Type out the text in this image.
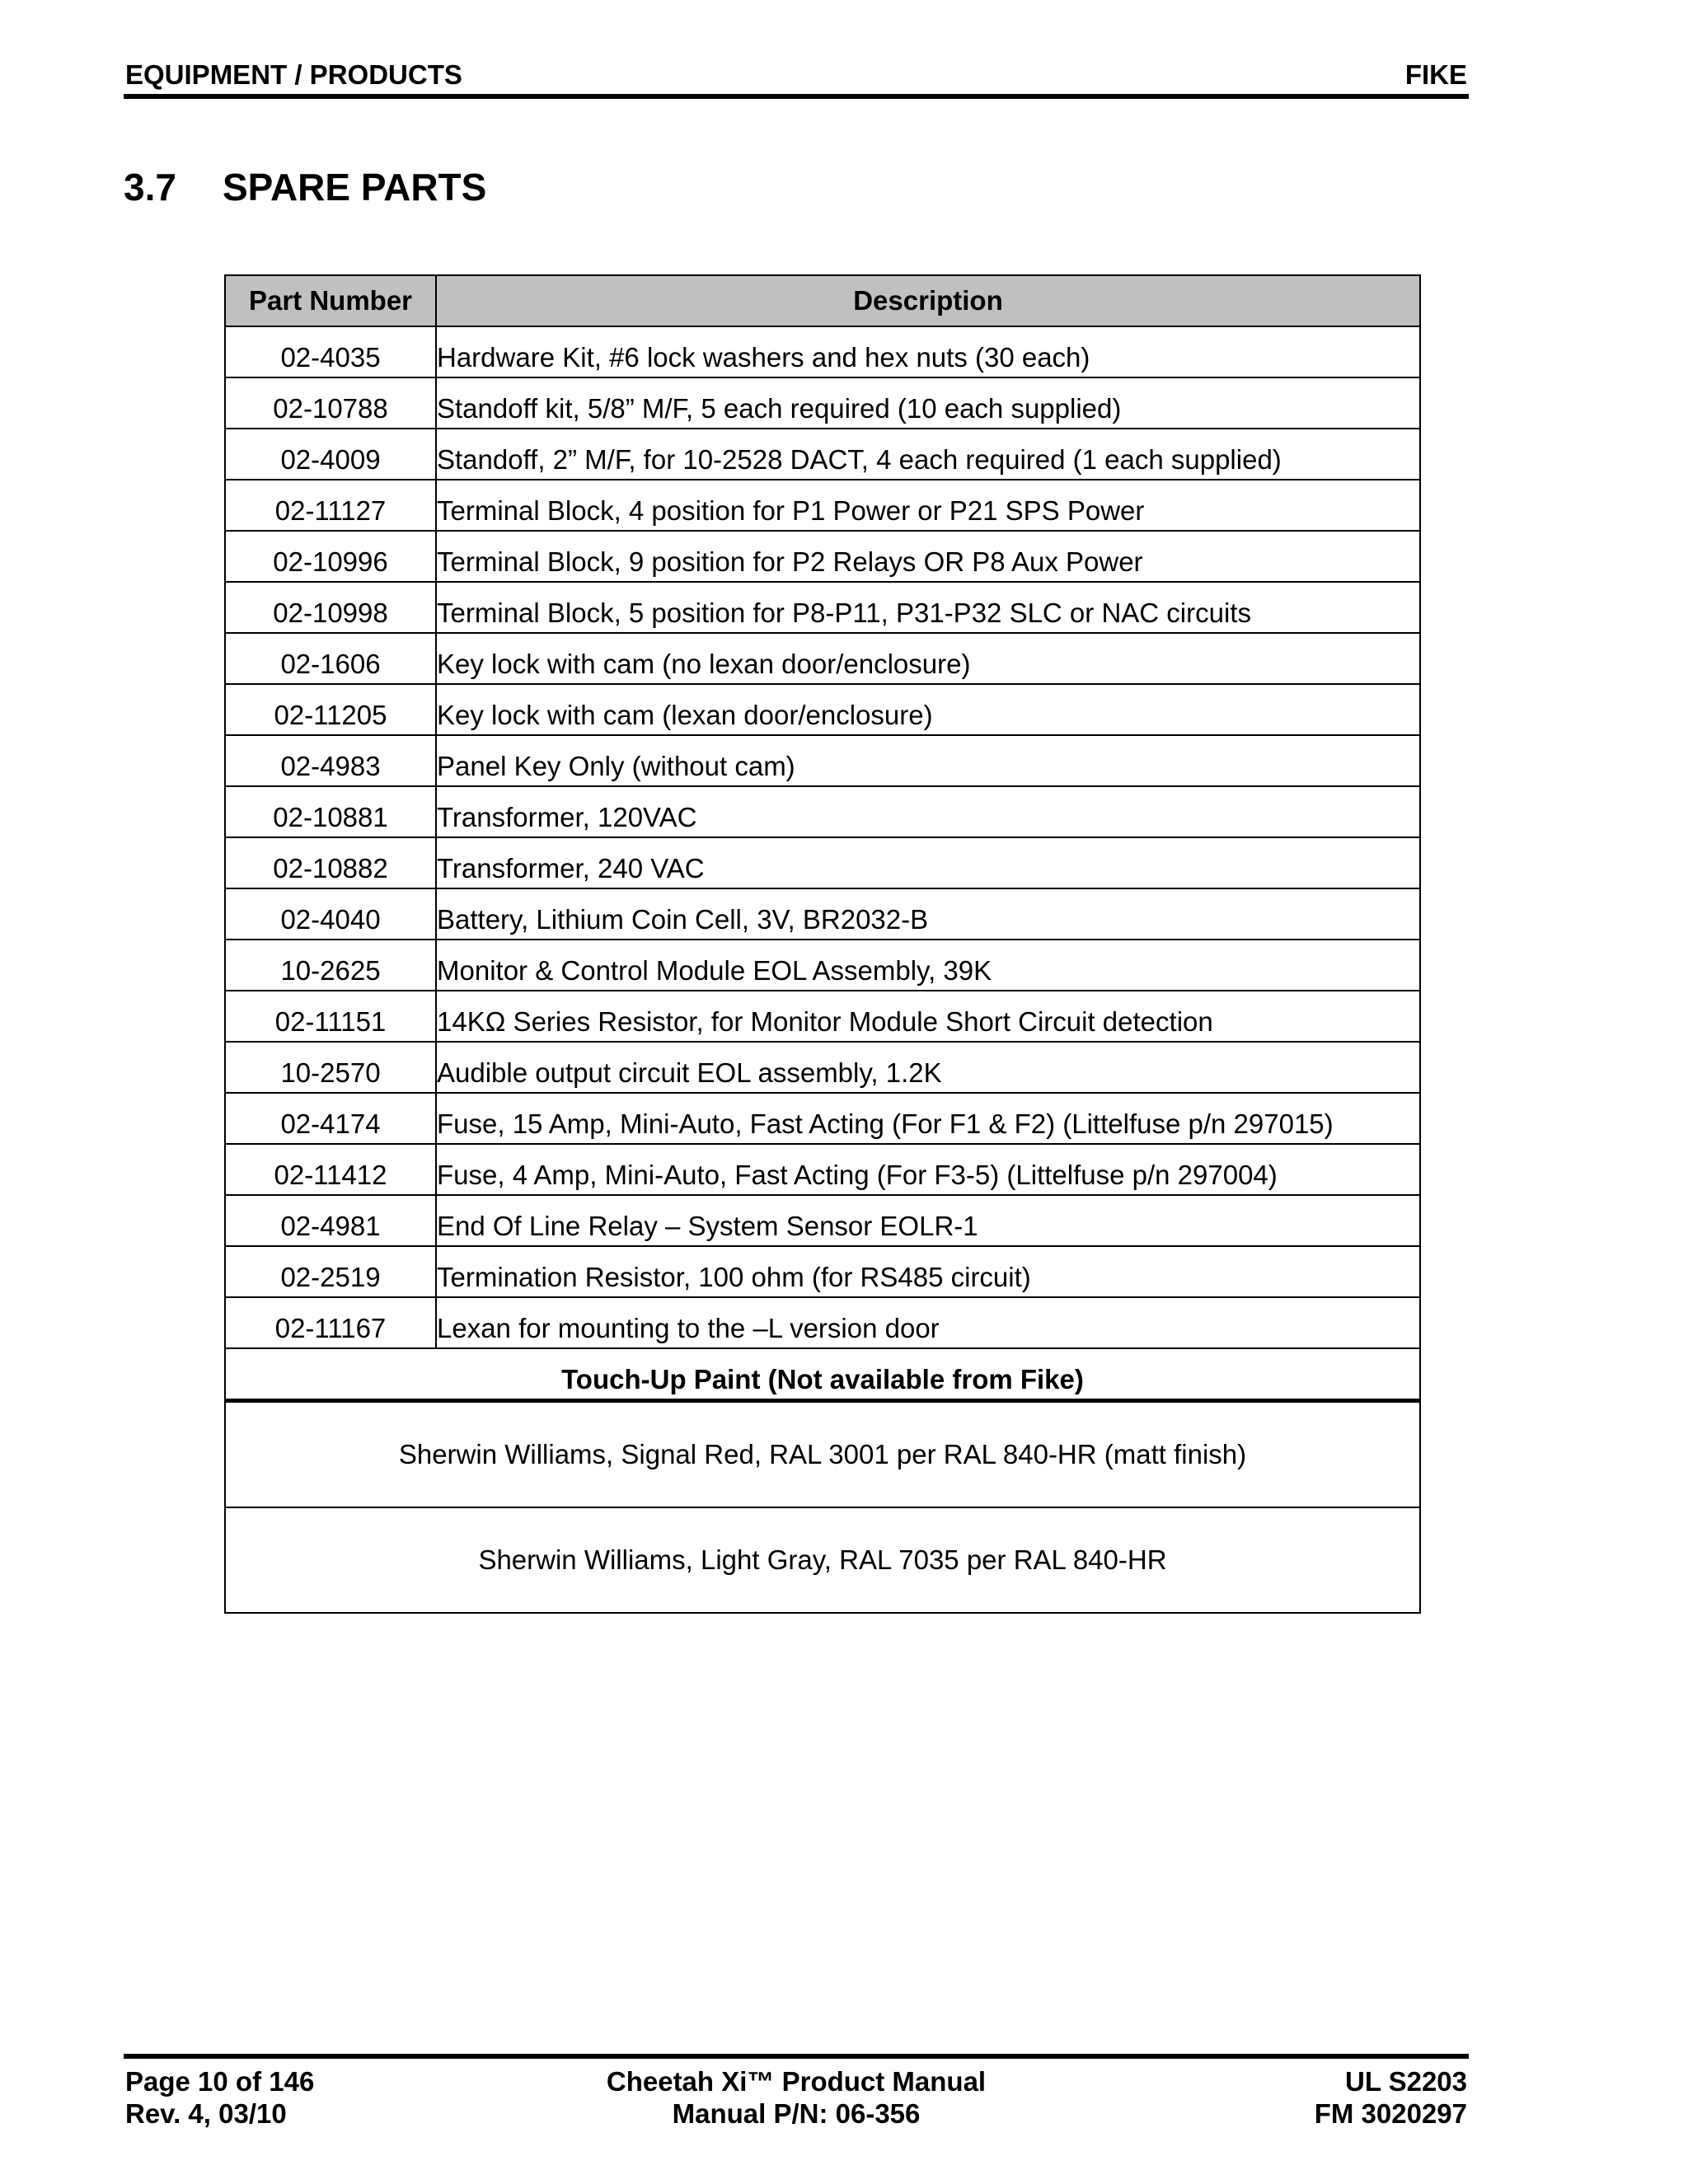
EQUIPMENT / PRODUCTS	FIKE
3.7 SPARE PARTS
Part Number	Description
02-4035	Hardware Kit, #6 lock washers and hex nuts (30 each)
02-10788	Standoff kit, 5/8” M/F, 5 each required (10 each supplied)
02-4009	Standoff, 2” M/F, for 10-2528 DACT, 4 each required (1 each supplied)
02-11127	Terminal Block, 4 position for P1 Power or P21 SPS Power
02-10996	Terminal Block, 9 position for P2 Relays OR P8 Aux Power
02-10998	Terminal Block, 5 position for P8-P11, P31-P32 SLC or NAC circuits
02-1606	Key lock with cam (no lexan door/enclosure)
02-11205	Key lock with cam (lexan door/enclosure)
02-4983	Panel Key Only (without cam)
02-10881	Transformer, 120VAC
02-10882	Transformer, 240 VAC
02-4040	Battery, Lithium Coin Cell, 3V, BR2032-B
10-2625	Monitor & Control Module EOL Assembly, 39K
02-11151	14KΩ Series Resistor, for Monitor Module Short Circuit detection
10-2570	Audible output circuit EOL assembly, 1.2K
02-4174	Fuse, 15 Amp, Mini-Auto, Fast Acting (For F1 & F2) (Littelfuse p/n 297015)
02-11412	Fuse, 4 Amp, Mini-Auto, Fast Acting (For F3-5) (Littelfuse p/n 297004)
02-4981	End Of Line Relay – System Sensor EOLR-1
02-2519	Termination Resistor, 100 ohm (for RS485 circuit)
02-11167	Lexan for mounting to the –L version door
Touch-Up Paint (Not available from Fike)	
Sherwin Williams, Signal Red, RAL 3001 per RAL 840-HR (matt finish)	
Sherwin Williams, Light Gray, RAL 7035 per RAL 840-HR	
Page 10 of 146
Rev. 4, 03/10
Cheetah Xi™ Product Manual
Manual P/N: 06-356
UL S2203
FM 3020297
